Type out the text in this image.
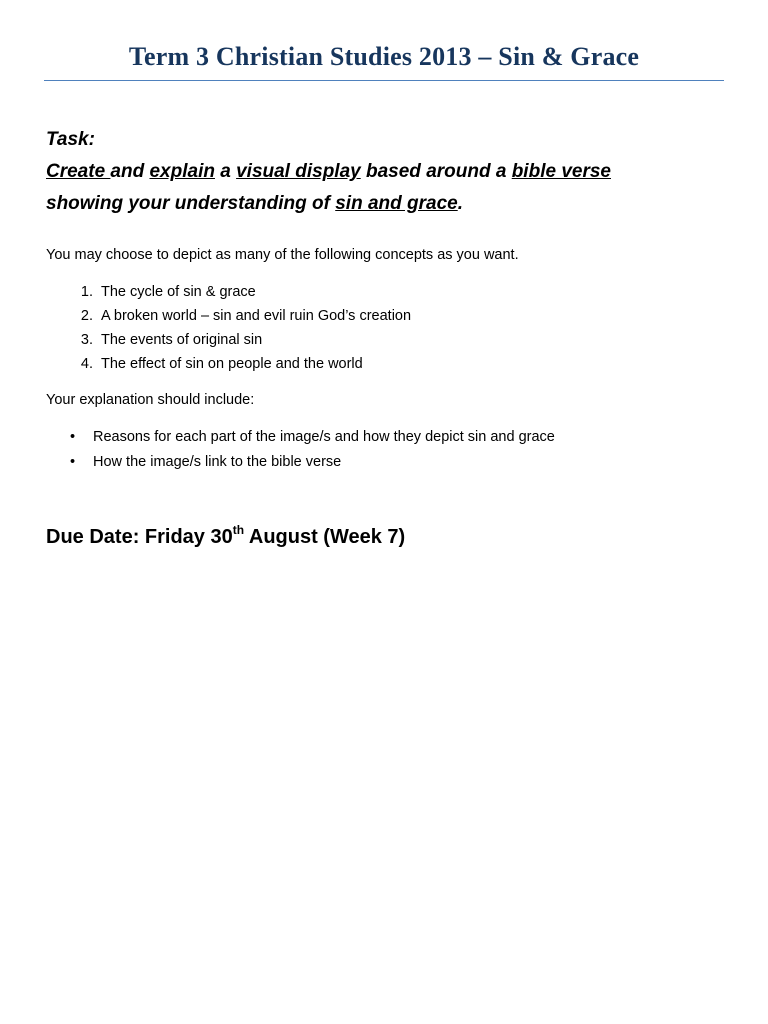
Term 3 Christian Studies 2013 – Sin & Grace
Task:
Create and explain a visual display based around a bible verse
showing your understanding of sin and grace.

You may choose to depict as many of the following concepts as you want.

1. The cycle of sin & grace
2. A broken world – sin and evil ruin God’s creation
3. The events of original sin
4. The effect of sin on people and the world

Your explanation should include:

•	Reasons for each part of the image/s and how they depict sin and grace
•	How the image/s link to the bible verse

Due Date: Friday 30th August (Week 7)
